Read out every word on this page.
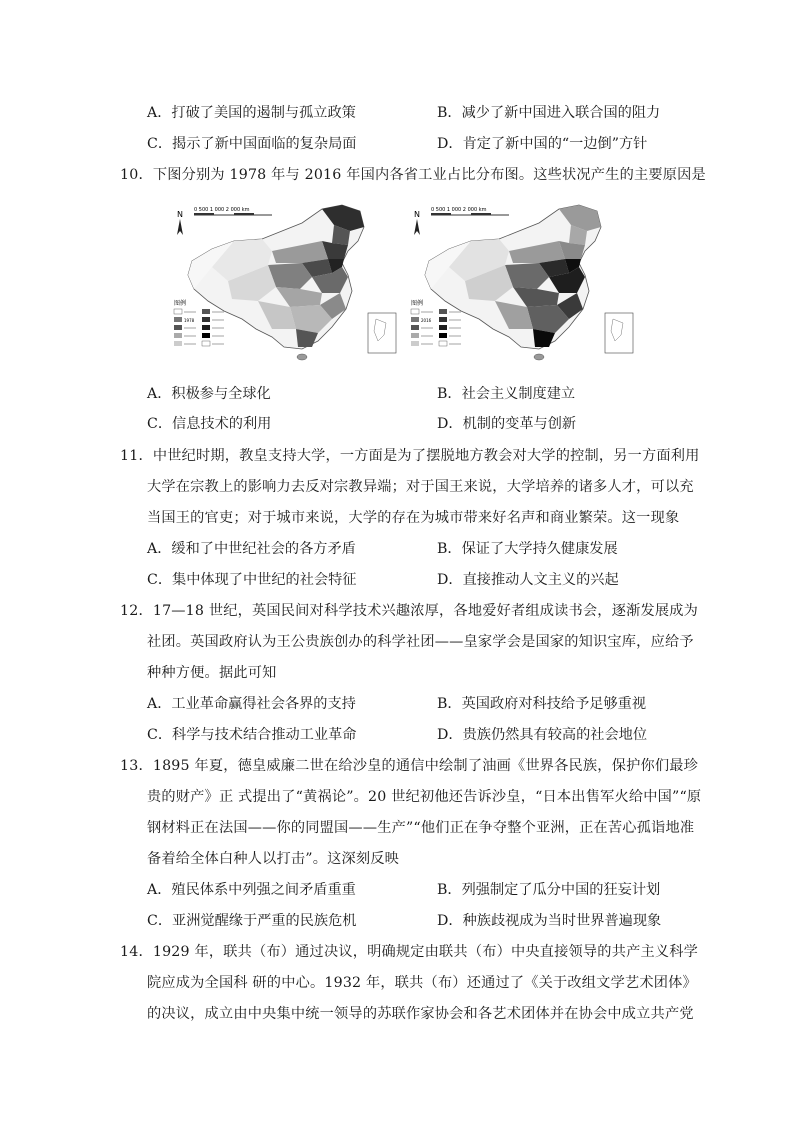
A．打破了美国的遏制与孤立政策	B．减少了新中国进入联合国的阻力
C．揭示了新中国面临的复杂局面	D．肯定了新中国的“一边倒”方针
10．下图分别为 1978 年与 2016 年国内各省工业占比分布图。这些状况产生的主要原因是
N 0 500 1 000 2 000 km
图例
1978
N 0 500 1 000 2 000 km
图例
2016
A．积极参与全球化	B．社会主义制度建立
C．信息技术的利用	D．机制的变革与创新
11．中世纪时期，教皇支持大学，一方面是为了摆脱地方教会对大学的控制，另一方面利用
大学在宗教上的影响力去反对宗教异端；对于国王来说，大学培养的诸多人才，可以充
当国王的官吏；对于城市来说，大学的存在为城市带来好名声和商业繁荣。这一现象
A．缓和了中世纪社会的各方矛盾	B．保证了大学持久健康发展
C．集中体现了中世纪的社会特征	D．直接推动人文主义的兴起
12．17—18 世纪，英国民间对科学技术兴趣浓厚，各地爱好者组成读书会，逐渐发展成为
社团。英国政府认为王公贵族创办的科学社团——皇家学会是国家的知识宝库，应给予
种种方便。据此可知
A．工业革命赢得社会各界的支持	B．英国政府对科技给予足够重视
C．科学与技术结合推动工业革命	D．贵族仍然具有较高的社会地位
13．1895 年夏，德皇威廉二世在给沙皇的通信中绘制了油画《世界各民族，保护你们最珍
贵的财产》正 式提出了“黄祸论”。20 世纪初他还告诉沙皇，“日本出售军火给中国”“原
钢材料正在法国——你的同盟国——生产”“他们正在争夺整个亚洲，正在苦心孤诣地准
备着给全体白种人以打击”。这深刻反映
A．殖民体系中列强之间矛盾重重	B．列强制定了瓜分中国的狂妄计划
C．亚洲觉醒缘于严重的民族危机	D．种族歧视成为当时世界普遍现象
14．1929 年，联共（布）通过决议，明确规定由联共（布）中央直接领导的共产主义科学
院应成为全国科 研的中心。1932 年，联共（布）还通过了《关于改组文学艺术团体》
的决议，成立由中央集中统一领导的苏联作家协会和各艺术团体并在协会中成立共产党
